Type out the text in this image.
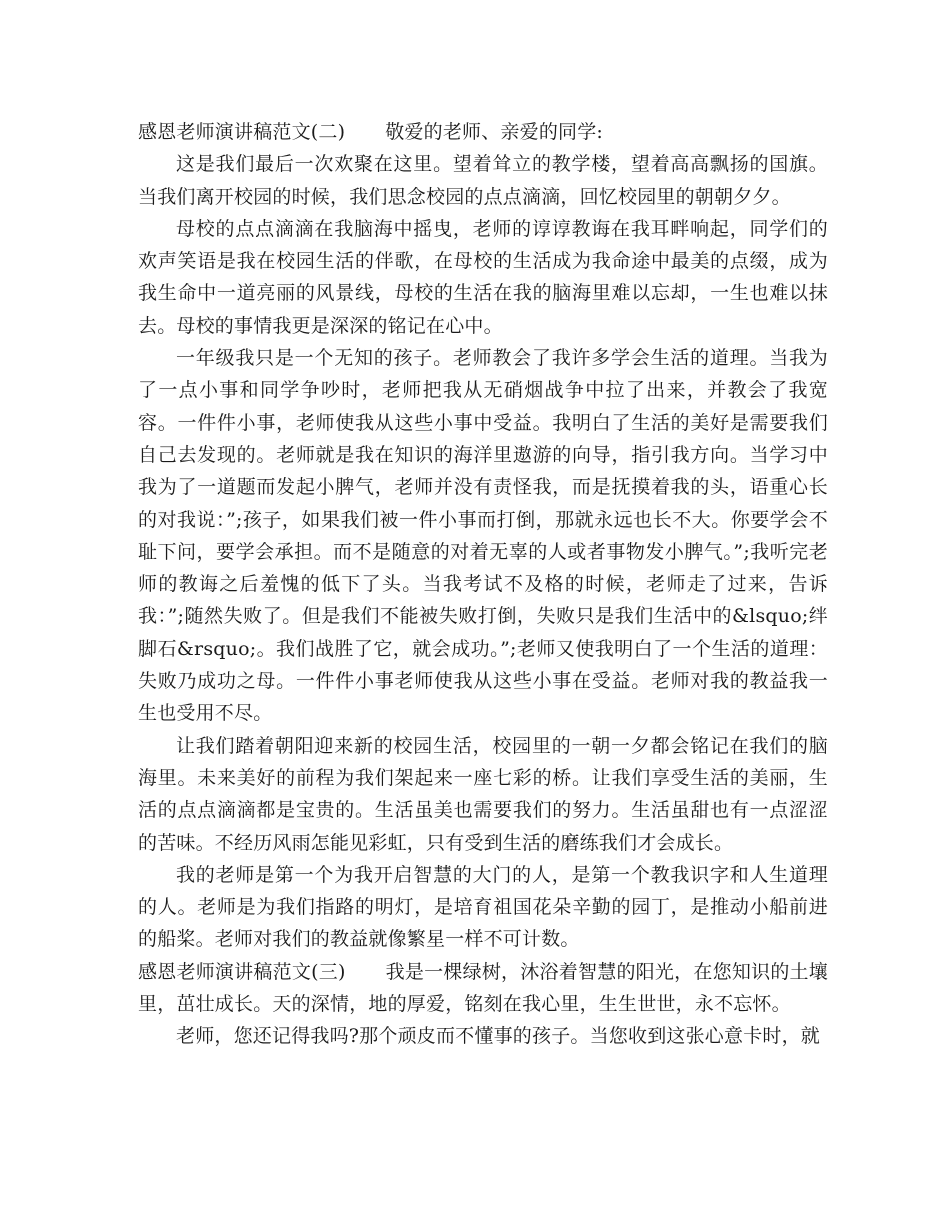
感恩老师演讲稿范文(二) 敬爱的老师、亲爱的同学:

这是我们最后一次欢聚在这里。望着耸立的教学楼，望着高高飘扬的国旗。当我们离开校园的时候，我们思念校园的点点滴滴，回忆校园里的朝朝夕夕。

母校的点点滴滴在我脑海中摇曳，老师的谆谆教诲在我耳畔响起，同学们的欢声笑语是我在校园生活的伴歌，在母校的生活成为我命途中最美的点缀，成为我生命中一道亮丽的风景线，母校的生活在我的脑海里难以忘却，一生也难以抹去。母校的事情我更是深深的铭记在心中。

一年级我只是一个无知的孩子。老师教会了我许多学会生活的道理。当我为了一点小事和同学争吵时，老师把我从无硝烟战争中拉了出来，并教会了我宽容。一件件小事，老师使我从这些小事中受益。我明白了生活的美好是需要我们自己去发现的。老师就是我在知识的海洋里遨游的向导，指引我方向。当学习中我为了一道题而发起小脾气，老师并没有责怪我，而是抚摸着我的头，语重心长的对我说：”;孩子，如果我们被一件小事而打倒，那就永远也长不大。你要学会不耻下问，要学会承担。而不是随意的对着无辜的人或者事物发小脾气。”;我听完老师的教诲之后羞愧的低下了头。当我考试不及格的时候，老师走了过来，告诉我：”;随然失败了。但是我们不能被失败打倒，失败只是我们生活中的&lsquo;绊脚石&rsquo;。我们战胜了它，就会成功。”;老师又使我明白了一个生活的道理：失败乃成功之母。一件件小事老师使我从这些小事在受益。老师对我的教益我一生也受用不尽。

让我们踏着朝阳迎来新的校园生活，校园里的一朝一夕都会铭记在我们的脑海里。未来美好的前程为我们架起来一座七彩的桥。让我们享受生活的美丽，生活的点点滴滴都是宝贵的。生活虽美也需要我们的努力。生活虽甜也有一点涩涩的苦味。不经历风雨怎能见彩虹，只有受到生活的磨练我们才会成长。

我的老师是第一个为我开启智慧的大门的人，是第一个教我识字和人生道理的人。老师是为我们指路的明灯，是培育祖国花朵辛勤的园丁，是推动小船前进的船桨。老师对我们的教益就像繁星一样不可计数。

感恩老师演讲稿范文(三) 我是一棵绿树，沐浴着智慧的阳光，在您知识的土壤里，茁壮成长。天的深情，地的厚爱，铭刻在我心里，生生世世，永不忘怀。

老师，您还记得我吗?那个顽皮而不懂事的孩子。当您收到这张心意卡时，就
